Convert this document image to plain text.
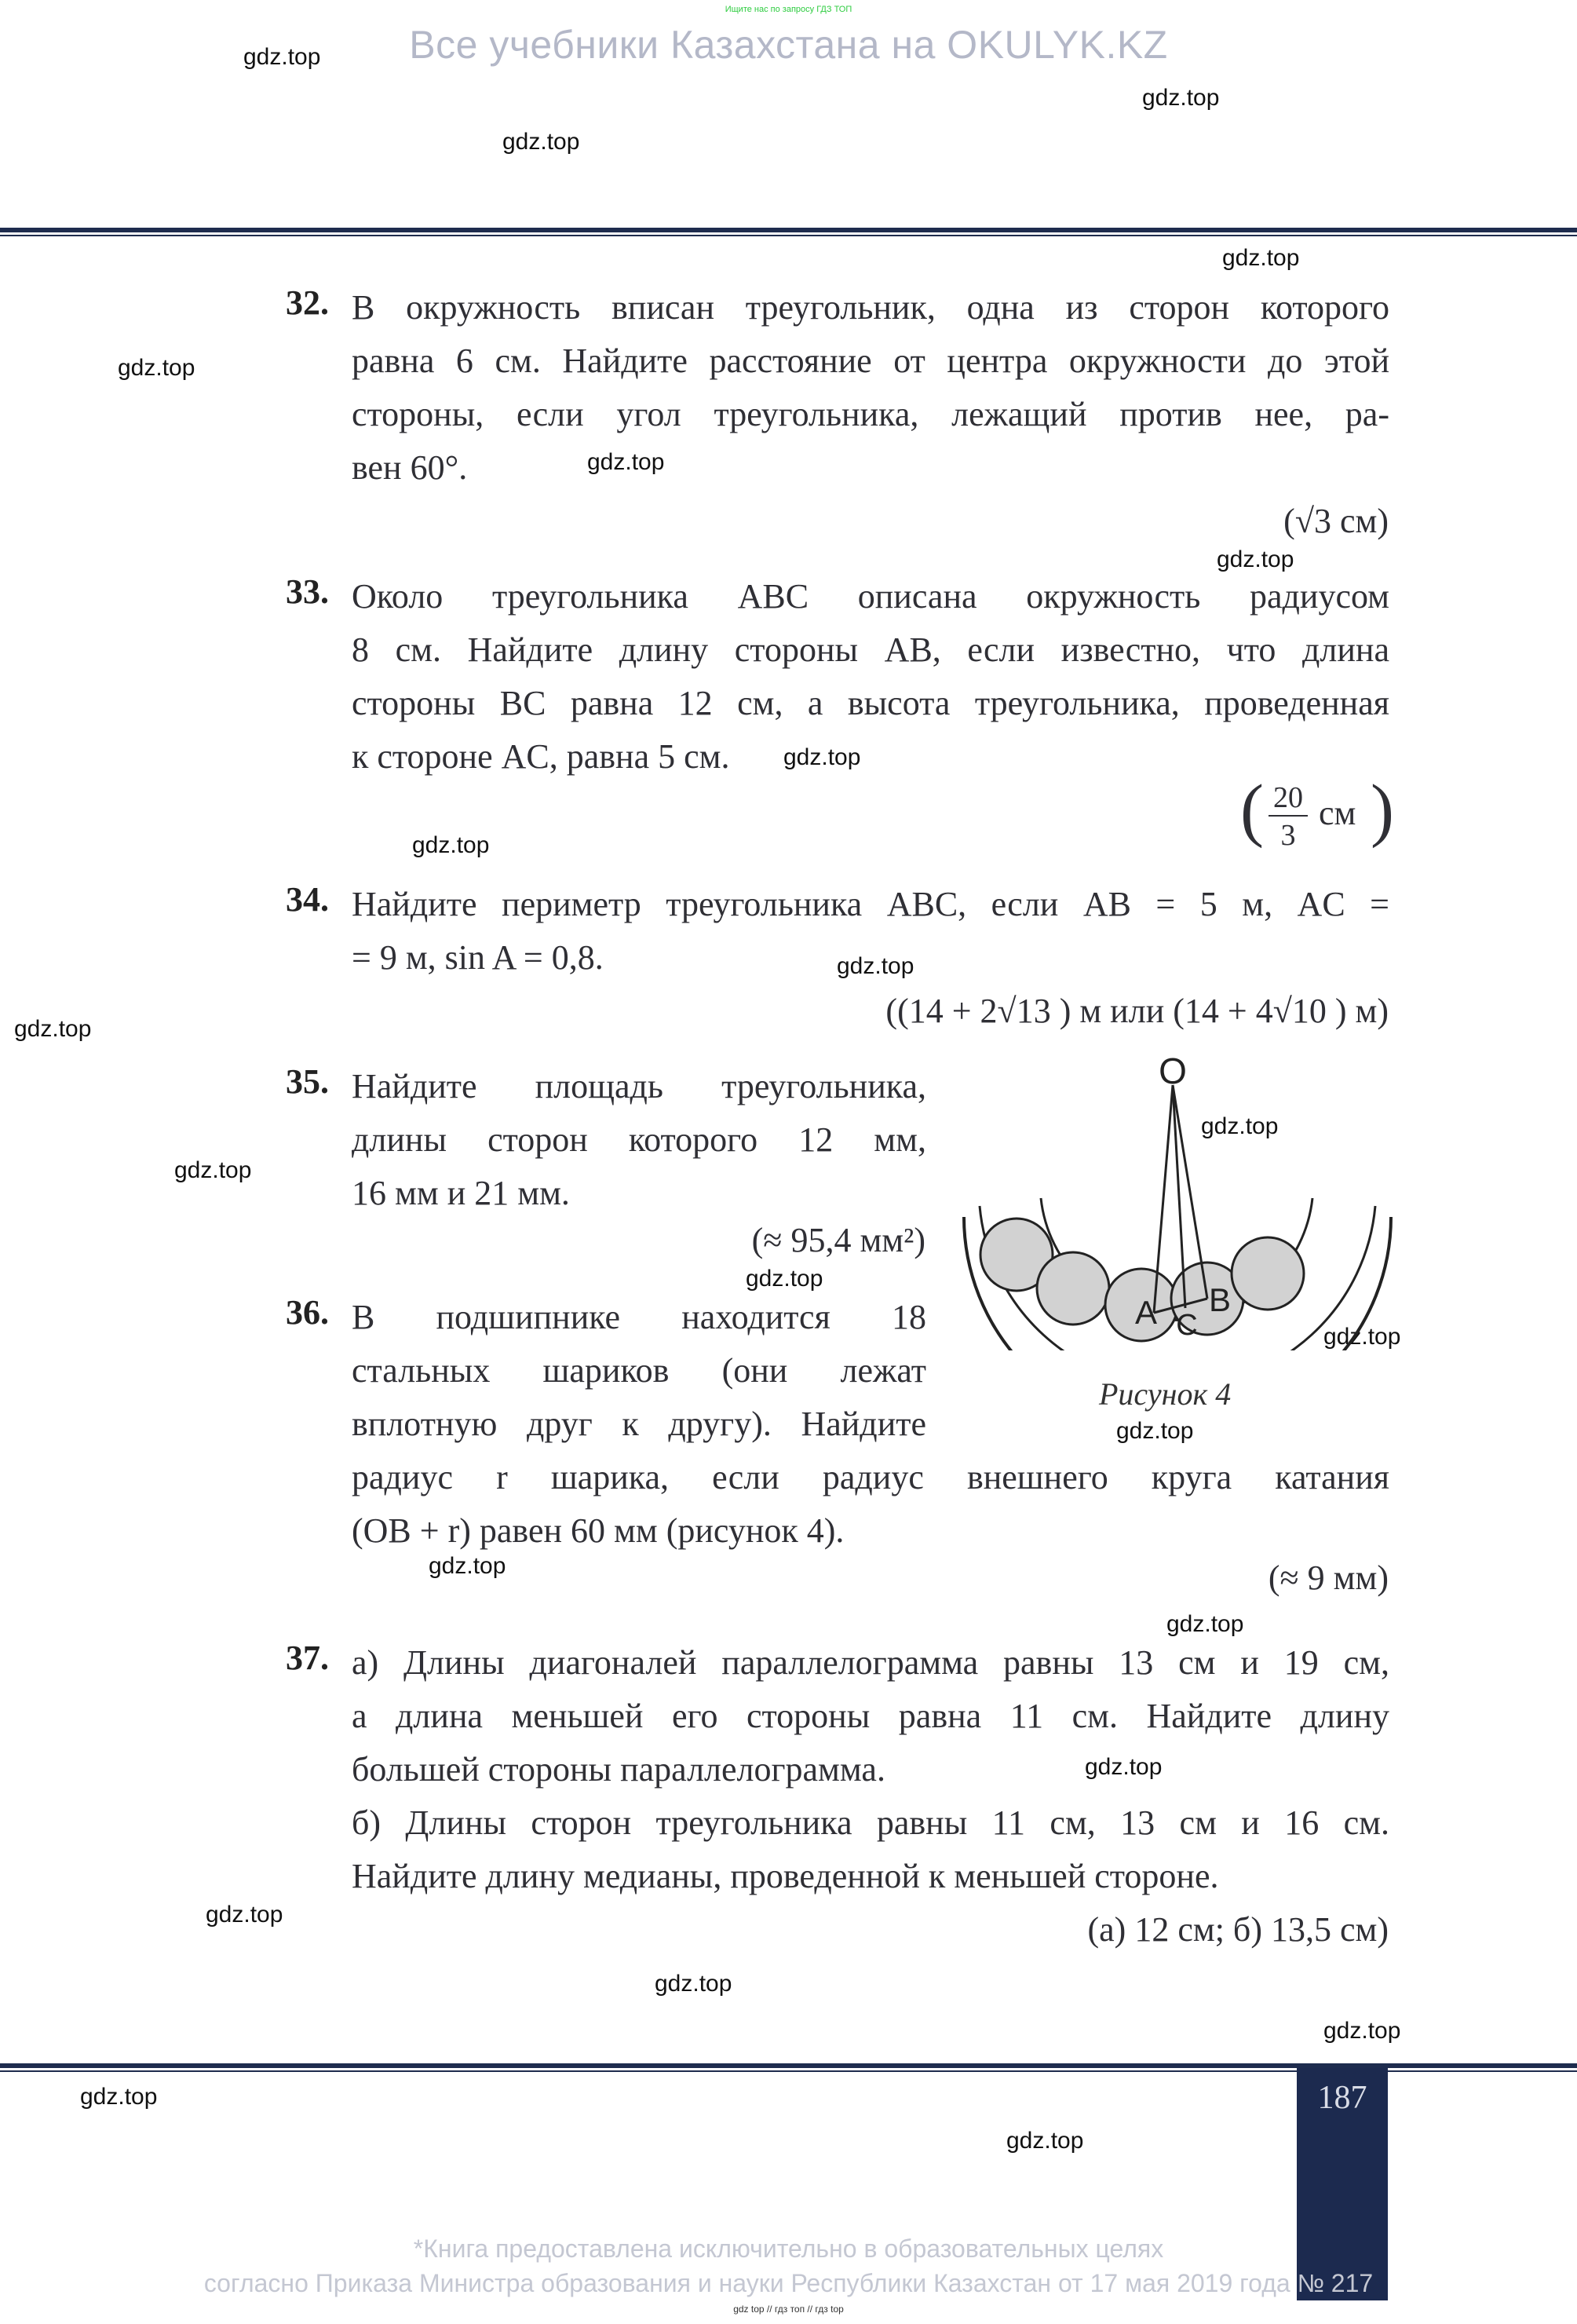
Ищите нас по запросу ГДЗ ТОП
Все учебники Казахстана на OKULYK.KZ
gdz.top
gdz.top
gdz.top
gdz.top
gdz.top
gdz.top
gdz.top
gdz.top
gdz.top
gdz.top
gdz.top
gdz.top
gdz.top
gdz.top
gdz.top
gdz.top
gdz.top
gdz.top
gdz.top
gdz.top
gdz.top
gdz.top
gdz.top
gdz.top
32. В окружность вписан треугольник, одна из сторон которого
равна 6 см. Найдите расстояние от центра окружности до этой
стороны, если угол треугольника, лежащий против нее, ра-
вен 60°.
(√3 см)
33. Около треугольника ABC описана окружность радиусом
8 см. Найдите длину стороны AB, если известно, что длина
стороны BC равна 12 см, а высота треугольника, проведенная
к стороне AC, равна 5 см.
( 20
3
см )
34. Найдите периметр треугольника ABC, если AB = 5 м, AC =
= 9 м, sin A = 0,8.
((14 + 2√13 ) м или (14 + 4√10 ) м)
35. Найдите площадь треугольника,
длины сторон которого 12 мм,
16 мм и 21 мм.
(≈ 95,4 мм²)
36. В подшипнике находится 18
стальных шариков (они лежат
вплотную друг к другу). Найдите
радиус r шарика, если радиус внешнего круга катания
(OB + r) равен 60 мм (рисунок 4).
(≈ 9 мм)
O
A C
B
Рисунок 4
37. а) Длины диагоналей параллелограмма равны 13 см и 19 см,
а длина меньшей его стороны равна 11 см. Найдите длину
большей стороны параллелограмма.
б) Длины сторон треугольника равны 11 см, 13 см и 16 см.
Найдите длину медианы, проведенной к меньшей стороне.
(а) 12 см; б) 13,5 см)
187
*Книга предоставлена исключительно в образовательных целях
согласно Приказа Министра образования и науки Республики Казахстан от 17 мая 2019 года № 217
gdz top // гдз топ // гдз top
